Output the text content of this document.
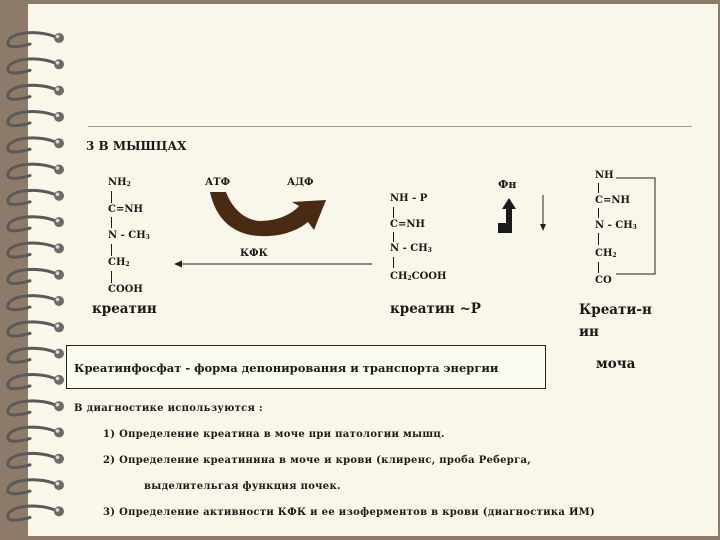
3 В МЫШЦАХ
NH2
C=NH
N - CH3
CH2
COOH
креатин
АТФ	АДФ
КФК
NH - P
C=NH
N - CH3
CH2COOH
креатин ~Р
Фн
NH
C=NH
N - CH3
CH2
CO
Креати-н
ин
моча
Креатинфосфат - форма депонирования и транспорта энергии
В диагностике используются :
1) Определение креатина в моче при патологии мышц.
2) Определение креатинина в моче и крови (клиренс, проба Реберга,
выделительгая функция почек.
3) Определение активности КФК и ее изоферментов в крови (диагностика ИМ)
